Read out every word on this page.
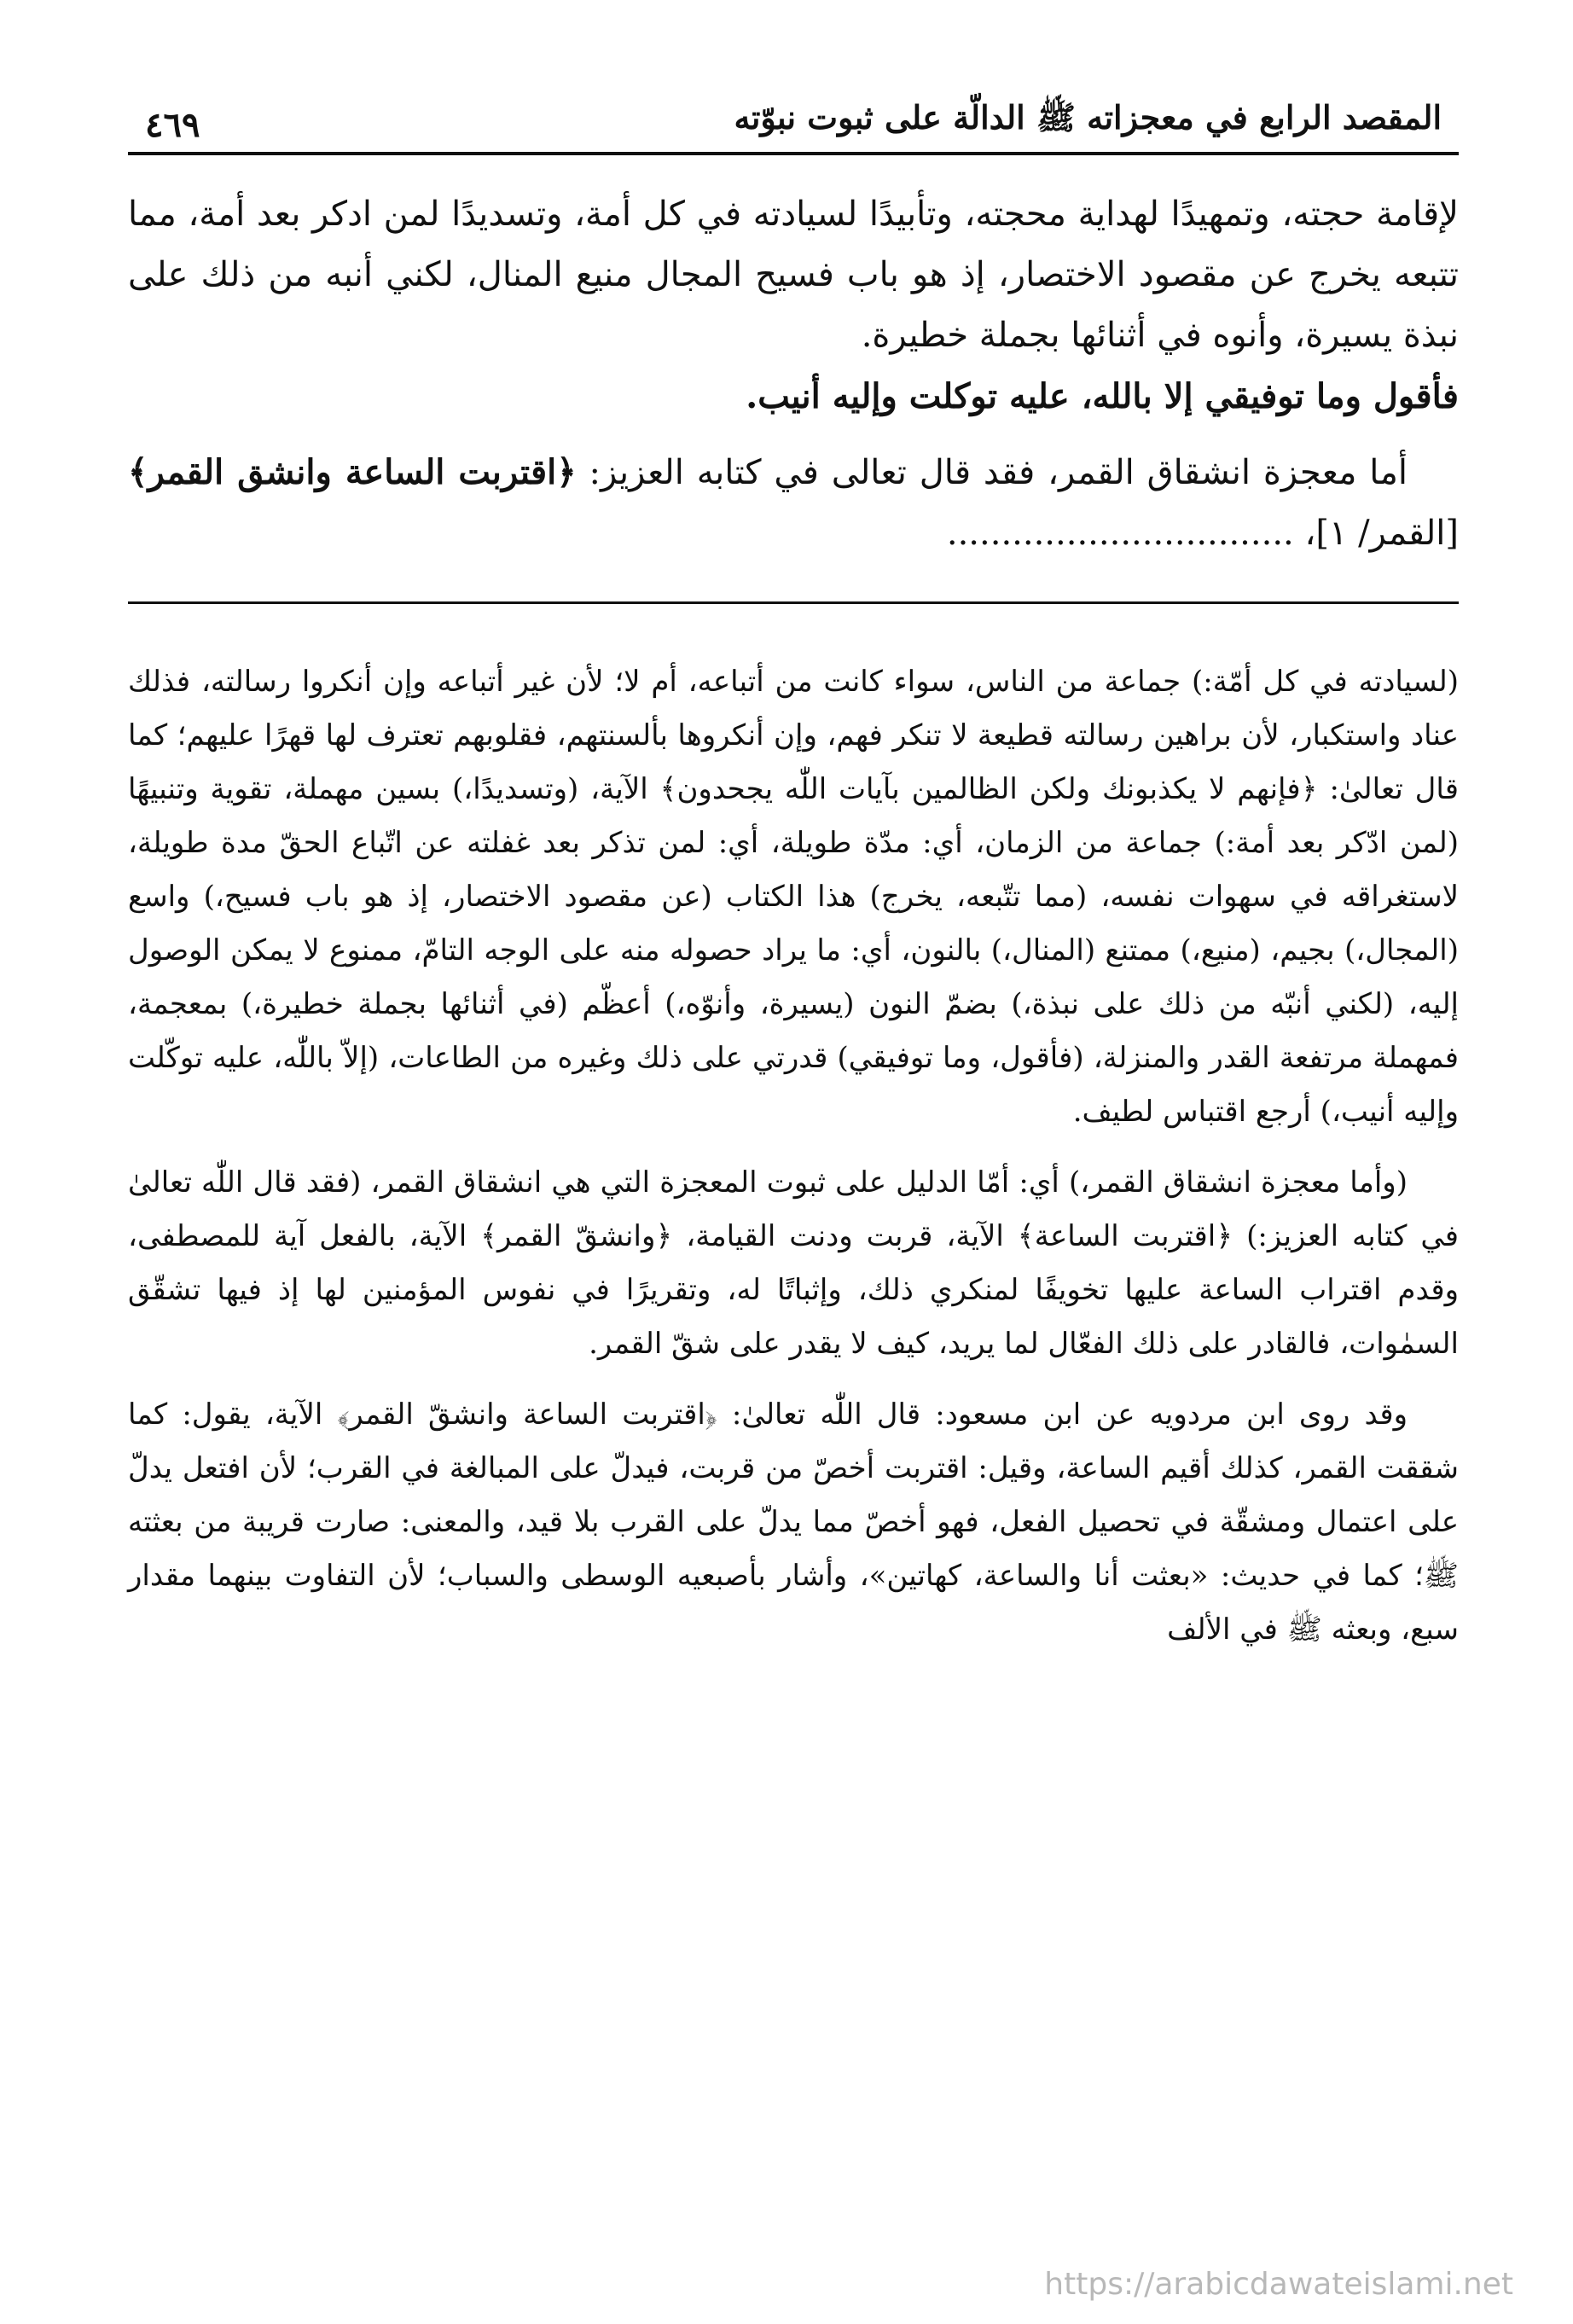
المقصد الرابع في معجزاته ﷺ الدالّة على ثبوت نبوّته
٤٦٩

لإقامة حجته، وتمهيدًا لهداية محجته، وتأبيدًا لسيادته في كل أمة، وتسديدًا لمن ادكر بعد أمة، مما تتبعه يخرج عن مقصود الاختصار، إذ هو باب فسيح المجال منيع المنال، لكني أنبه من ذلك على نبذة يسيرة، وأنوه في أثنائها بجملة خطيرة.

فأقول وما توفيقي إلا بالله، عليه توكلت وإليه أنيب.

أما معجزة انشقاق القمر، فقد قال تعالى في كتابه العزيز: ﴿اقتربت الساعة وانشق القمر﴾ [القمر/ ١]، ................................

(لسيادته في كل أمّة:) جماعة من الناس، سواء كانت من أتباعه، أم لا؛ لأن غير أتباعه وإن أنكروا رسالته، فذلك عناد واستكبار، لأن براهين رسالته قطيعة لا تنكر فهم، وإن أنكروها بألسنتهم، فقلوبهم تعترف لها قهرًا عليهم؛ كما قال تعالىٰ: ﴿فإنهم لا يكذبونك ولكن الظالمين بآيات اللّٰه يجحدون﴾ الآية، (وتسديدًا،) بسين مهملة، تقوية وتنبيهًا (لمن ادّكر بعد أمة:) جماعة من الزمان، أي: مدّة طويلة، أي: لمن تذكر بعد غفلته عن اتّباع الحقّ مدة طويلة، لاستغراقه في سهوات نفسه، (مما تتّبعه، يخرج) هذا الكتاب (عن مقصود الاختصار، إذ هو باب فسيح،) واسع (المجال،) بجيم، (منيع،) ممتنع (المنال،) بالنون، أي: ما يراد حصوله منه على الوجه التامّ، ممنوع لا يمكن الوصول إليه، (لكني أنبّه من ذلك على نبذة،) بضمّ النون (يسيرة، وأنوّه،) أعظّم (في أثنائها بجملة خطيرة،) بمعجمة، فمهملة مرتفعة القدر والمنزلة، (فأقول، وما توفيقي) قدرتي على ذلك وغيره من الطاعات، (إلاّ باللّٰه، عليه توكّلت وإليه أنيب،) أرجع اقتباس لطيف.

(وأما معجزة انشقاق القمر،) أي: أمّا الدليل على ثبوت المعجزة التي هي انشقاق القمر، (فقد قال اللّٰه تعالىٰ في كتابه العزيز:) ﴿اقتربت الساعة﴾ الآية، قربت ودنت القيامة، ﴿وانشقّ القمر﴾ الآية، بالفعل آية للمصطفى، وقدم اقتراب الساعة عليها تخويفًا لمنكري ذلك، وإثباتًا له، وتقريرًا في نفوس المؤمنين لها إذ فيها تشقّق السمٰوات، فالقادر على ذلك الفعّال لما يريد، كيف لا يقدر على شقّ القمر.

وقد روى ابن مردويه عن ابن مسعود: قال اللّٰه تعالىٰ: ﴿اقتربت الساعة وانشقّ القمر﴾ الآية، يقول: كما شققت القمر، كذلك أقيم الساعة، وقيل: اقتربت أخصّ من قربت، فيدلّ على المبالغة في القرب؛ لأن افتعل يدلّ على اعتمال ومشقّة في تحصيل الفعل، فهو أخصّ مما يدلّ على القرب بلا قيد، والمعنى: صارت قريبة من بعثته ﷺ؛ كما في حديث: «بعثت أنا والساعة، كهاتين»، وأشار بأصبعيه الوسطى والسباب؛ لأن التفاوت بينهما مقدار سبع، وبعثه ﷺ في الألف

https://arabicdawateislami.net
